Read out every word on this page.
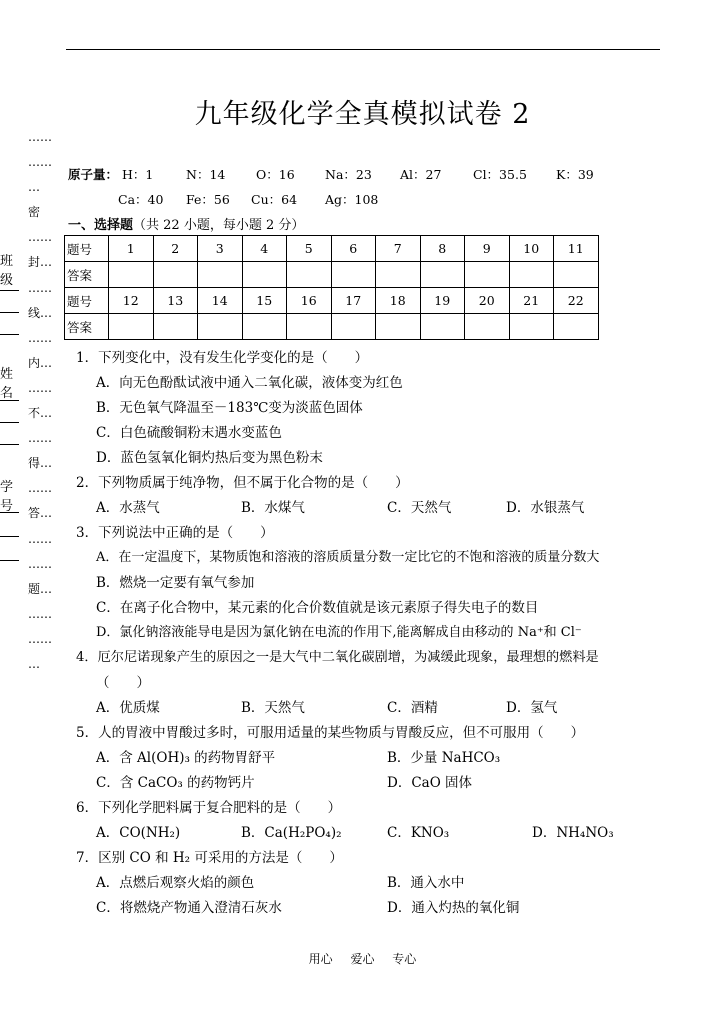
九年级化学全真模拟试卷 2
……
……
…
密
……
封…
……
线…
……
内…
……
不…
……
得…
……
答…
……
……
题…
……
……
…
班级
姓名
学号
原子量： H：1	N：14 O：16 Na：23 Al：27	Cl：35.5 K：39
Ca：40 Fe：56 Cu：64 Ag：108
一、选择题（共 22 小题，每小题 2 分）
题号	1	2	3	4	5	6	7	8	9	10	11
答案											
题号	12	13	14	15	16	17	18	19	20	21	22
答案											
1．下列变化中，没有发生化学变化的是（　　）
A．向无色酚酞试液中通入二氧化碳，液体变为红色
B．无色氧气降温至－183℃变为淡蓝色固体
C．白色硫酸铜粉末遇水变蓝色
D．蓝色氢氧化铜灼热后变为黑色粉末
2．下列物质属于纯净物，但不属于化合物的是（　　）
A．水蒸气	B．水煤气	C．天然气	D．水银蒸气
3．下列说法中正确的是（　　）
A．在一定温度下，某物质饱和溶液的溶质质量分数一定比它的不饱和溶液的质量分数大
B．燃烧一定要有氧气参加
C．在离子化合物中，某元素的化合价数值就是该元素原子得失电子的数目
D．氯化钠溶液能导电是因为氯化钠在电流的作用下,能离解成自由移动的 Na⁺和 Cl⁻
4．厄尔尼诺现象产生的原因之一是大气中二氧化碳剧增，为减缓此现象，最理想的燃料是
（　　）
A．优质煤	B．天然气	C．酒精	D．氢气
5．人的胃液中胃酸过多时，可服用适量的某些物质与胃酸反应，但不可服用（　　）
A．含 Al(OH)₃ 的药物胃舒平	B．少量 NaHCO₃
C．含 CaCO₃ 的药物钙片	D．CaO 固体
6．下列化学肥料属于复合肥料的是（　　）
A．CO(NH₂)	B．Ca(H₂PO₄)₂	C．KNO₃	D．NH₄NO₃
7．区别 CO 和 H₂ 可采用的方法是（　　）
A．点燃后观察火焰的颜色	B．通入水中
C．将燃烧产物通入澄清石灰水	D．通入灼热的氧化铜
用心 爱心 专心
